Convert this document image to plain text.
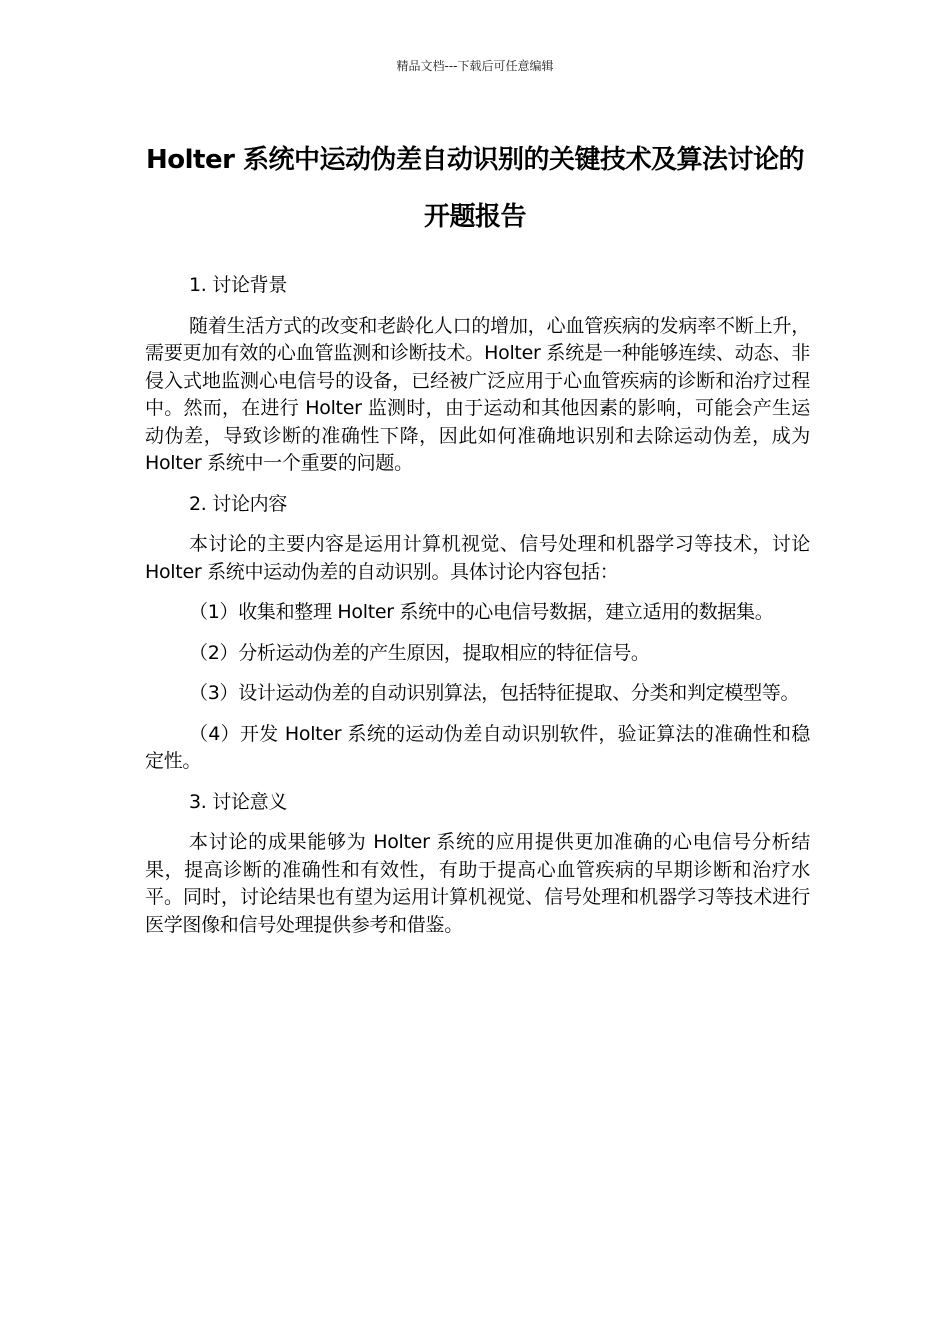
精品文档---下载后可任意编辑
Holter 系统中运动伪差自动识别的关键技术及算法讨论的开题报告

1. 讨论背景

随着生活方式的改变和老龄化人口的增加，心血管疾病的发病率不断上升，需要更加有效的心血管监测和诊断技术。Holter 系统是一种能够连续、动态、非侵入式地监测心电信号的设备，已经被广泛应用于心血管疾病的诊断和治疗过程中。然而，在进行 Holter 监测时，由于运动和其他因素的影响，可能会产生运动伪差，导致诊断的准确性下降，因此如何准确地识别和去除运动伪差，成为 Holter 系统中一个重要的问题。

2. 讨论内容

本讨论的主要内容是运用计算机视觉、信号处理和机器学习等技术，讨论 Holter 系统中运动伪差的自动识别。具体讨论内容包括：

（1）收集和整理 Holter 系统中的心电信号数据，建立适用的数据集。

（2）分析运动伪差的产生原因，提取相应的特征信号。

（3）设计运动伪差的自动识别算法，包括特征提取、分类和判定模型等。

（4）开发 Holter 系统的运动伪差自动识别软件，验证算法的准确性和稳定性。

3. 讨论意义

本讨论的成果能够为 Holter 系统的应用提供更加准确的心电信号分析结果，提高诊断的准确性和有效性，有助于提高心血管疾病的早期诊断和治疗水平。同时，讨论结果也有望为运用计算机视觉、信号处理和机器学习等技术进行医学图像和信号处理提供参考和借鉴。
